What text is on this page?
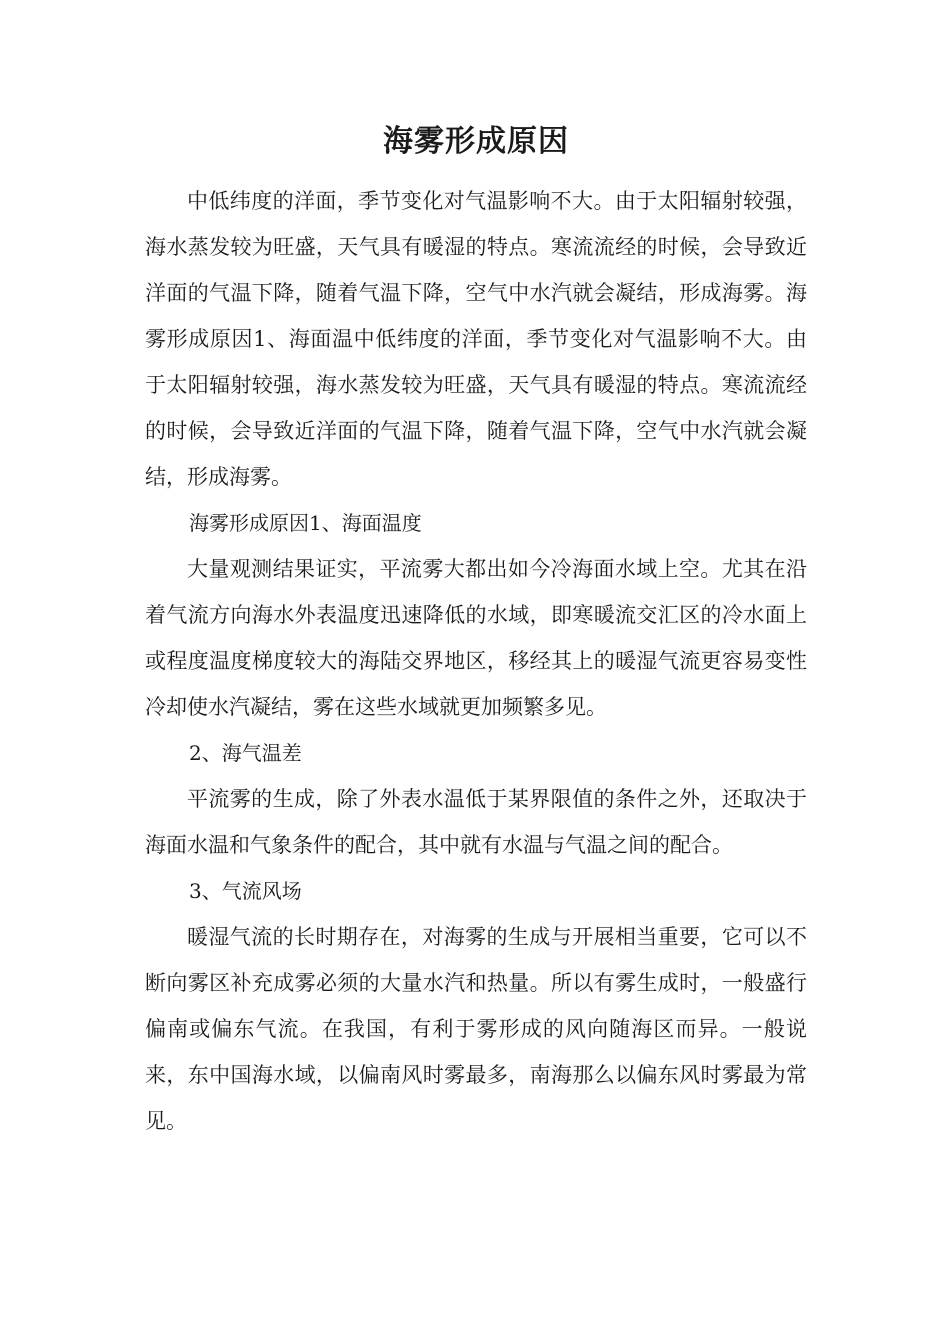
海雾形成原因

中低纬度的洋面，季节变化对气温影响不大。由于太阳辐射较强，海水蒸发较为旺盛，天气具有暖湿的特点。寒流流经的时候，会导致近洋面的气温下降，随着气温下降，空气中水汽就会凝结，形成海雾。海雾形成原因1、海面温中低纬度的洋面，季节变化对气温影响不大。由于太阳辐射较强，海水蒸发较为旺盛，天气具有暖湿的特点。寒流流经的时候，会导致近洋面的气温下降，随着气温下降，空气中水汽就会凝结，形成海雾。

海雾形成原因1、海面温度

大量观测结果证实，平流雾大都出如今冷海面水域上空。尤其在沿着气流方向海水外表温度迅速降低的水域，即寒暖流交汇区的冷水面上或程度温度梯度较大的海陆交界地区，移经其上的暖湿气流更容易变性冷却使水汽凝结，雾在这些水域就更加频繁多见。

2、海气温差

平流雾的生成，除了外表水温低于某界限值的条件之外，还取决于海面水温和气象条件的配合，其中就有水温与气温之间的配合。

3、气流风场

暖湿气流的长时期存在，对海雾的生成与开展相当重要，它可以不断向雾区补充成雾必须的大量水汽和热量。所以有雾生成时，一般盛行偏南或偏东气流。在我国，有利于雾形成的风向随海区而异。一般说来，东中国海水域，以偏南风时雾最多，南海那么以偏东风时雾最为常见。
